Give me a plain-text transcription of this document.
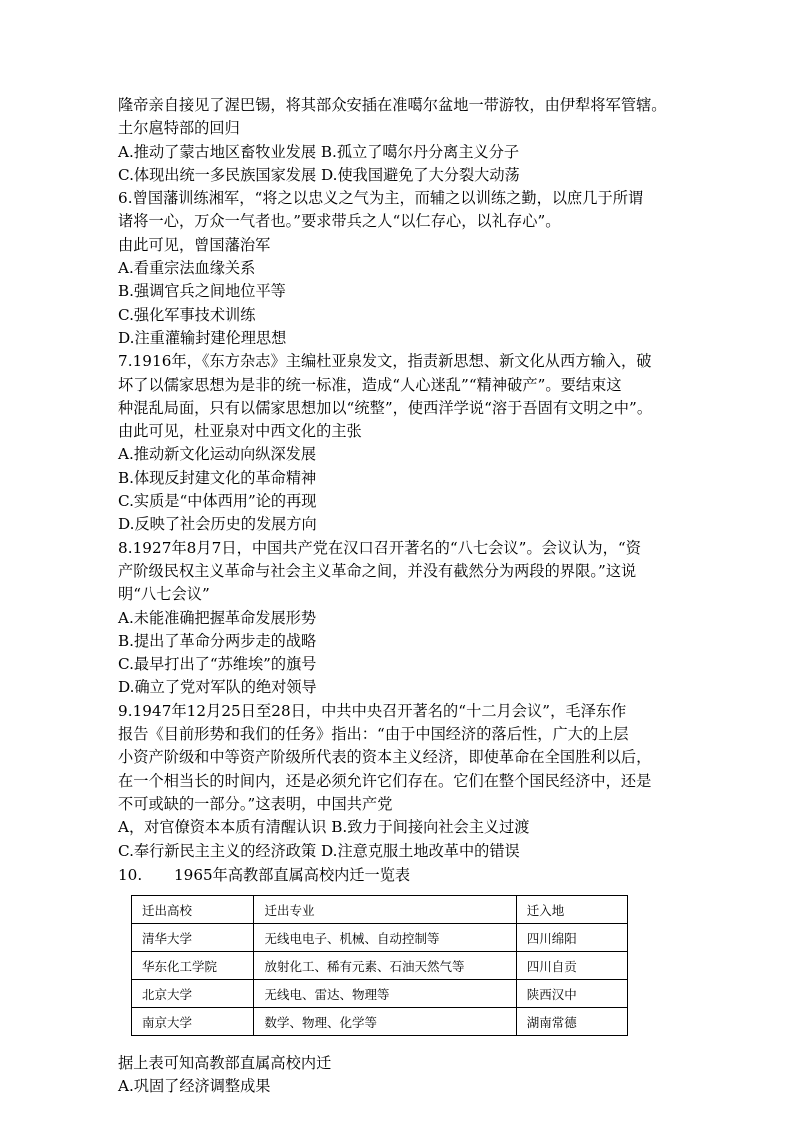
隆帝亲自接见了渥巴锡，将其部众安插在准噶尔盆地一带游牧，由伊犁将军管辖。
土尔扈特部的回归
A.推动了蒙古地区畜牧业发展 B.孤立了噶尔丹分离主义分子
C.体现出统一多民族国家发展 D.使我国避免了大分裂大动荡
6.曾国藩训练湘军，“将之以忠义之气为主，而辅之以训练之勤，以庶几于所谓
诸将一心，万众一气者也。”要求带兵之人“以仁存心，以礼存心”。
由此可见，曾国藩治军
A.看重宗法血缘关系
B.强调官兵之间地位平等
C.强化军事技术训练
D.注重灌输封建伦理思想
7.1916年，《东方杂志》主编杜亚泉发文，指责新思想、新文化从西方输入，破
坏了以儒家思想为是非的统一标准，造成“人心迷乱”“精神破产”。要结束这
种混乱局面，只有以儒家思想加以“统整”，使西洋学说“溶于吾固有文明之中”。
由此可见，杜亚泉对中西文化的主张
A.推动新文化运动向纵深发展
B.体现反封建文化的革命精神
C.实质是“中体西用”论的再现
D.反映了社会历史的发展方向
8.1927年8月7日，中国共产党在汉口召开著名的“八七会议”。会议认为，“资
产阶级民权主义革命与社会主义革命之间，并没有截然分为两段的界限。”这说
明“八七会议”
A.未能准确把握革命发展形势
B.提出了革命分两步走的战略
C.最早打出了“苏维埃”的旗号
D.确立了党对军队的绝对领导
9.1947年12月25日至28日，中共中央召开著名的“十二月会议”，毛泽东作
报告《目前形势和我们的任务》指出：“由于中国经济的落后性，广大的上层
小资产阶级和中等资产阶级所代表的资本主义经济，即使革命在全国胜利以后，
在一个相当长的时间内，还是必须允许它们存在。它们在整个国民经济中，还是
不可或缺的一部分。”这表明，中国共产党
A，对官僚资本本质有清醒认识 B.致力于间接向社会主义过渡
C.奉行新民主主义的经济政策 D.注意克服土地改革中的错误
10. 1965年高教部直属高校内迁一览表
迁出高校	迁出专业	迁入地
清华大学	无线电电子、机械、自动控制等	四川绵阳
华东化工学院	放射化工、稀有元素、石油天然气等	四川自贡
北京大学	无线电、雷达、物理等	陕西汉中
南京大学	数学、物理、化学等	湖南常德
据上表可知高教部直属高校内迁
A.巩固了经济调整成果
